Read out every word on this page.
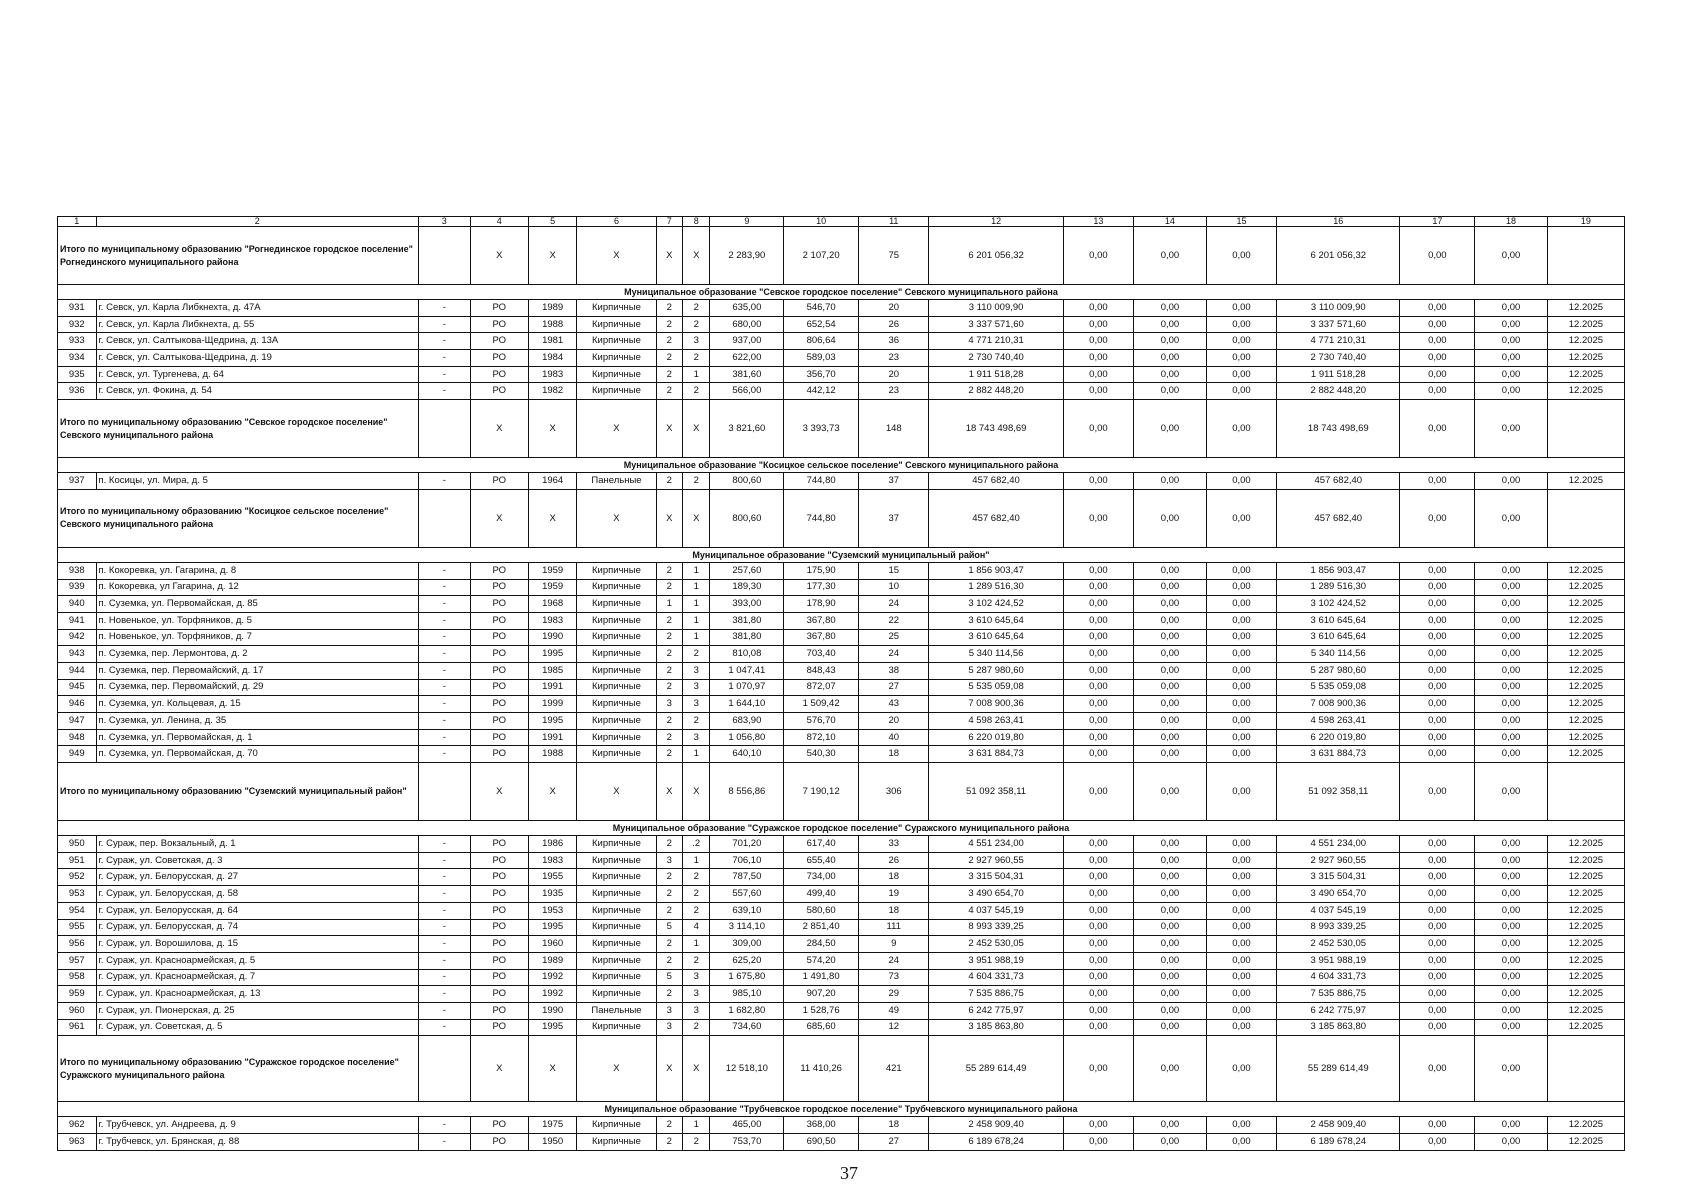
1	2	3	4	5	6	7	8	9	10	11	12	13	14	15	16	17	18	19
Итого по муниципальному образованию "Рогнединское городское поселение" Рогнединского муниципального района			X	X	X	X	X	2 283,90	2 107,20	75	6 201 056,32	0,00	0,00	0,00	6 201 056,32	0,00	0,00	
Муниципальное образование "Севское городское поселение" Севского муниципального района																		
931	г. Севск, ул. Карла Либкнехта, д. 47А	-	РО	1989	Кирпичные	2	2	635,00	546,70	20	3 110 009,90	0,00	0,00	0,00	3 110 009,90	0,00	0,00	12.2025
932	г. Севск, ул. Карла Либкнехта, д. 55	-	РО	1988	Кирпичные	2	2	680,00	652,54	26	3 337 571,60	0,00	0,00	0,00	3 337 571,60	0,00	0,00	12.2025
933	г. Севск, ул. Салтыкова-Щедрина, д. 13А	-	РО	1981	Кирпичные	2	3	937,00	806,64	36	4 771 210,31	0,00	0,00	0,00	4 771 210,31	0,00	0,00	12.2025
934	г. Севск, ул. Салтыкова-Щедрина, д. 19	-	РО	1984	Кирпичные	2	2	622,00	589,03	23	2 730 740,40	0,00	0,00	0,00	2 730 740,40	0,00	0,00	12.2025
935	г. Севск, ул. Тургенева, д. 64	-	РО	1983	Кирпичные	2	1	381,60	356,70	20	1 911 518,28	0,00	0,00	0,00	1 911 518,28	0,00	0,00	12.2025
936	г. Севск, ул. Фокина, д. 54	-	РО	1982	Кирпичные	2	2	566,00	442,12	23	2 882 448,20	0,00	0,00	0,00	2 882 448,20	0,00	0,00	12.2025
Итого по муниципальному образованию "Севское городское поселение" Севского муниципального района			X	X	X	X	X	3 821,60	3 393,73	148	18 743 498,69	0,00	0,00	0,00	18 743 498,69	0,00	0,00	
Муниципальное образование "Косицкое сельское поселение" Севского муниципального района																		
937	п. Косицы, ул. Мира, д. 5	-	РО	1964	Панельные	2	2	800,60	744,80	37	457 682,40	0,00	0,00	0,00	457 682,40	0,00	0,00	12.2025
Итого по муниципальному образованию "Косицкое сельское поселение" Севского муниципального района			X	X	X	X	X	800,60	744,80	37	457 682,40	0,00	0,00	0,00	457 682,40	0,00	0,00	
Муниципальное образование "Суземский муниципальный район"																		
938	п. Кокоревка, ул. Гагарина, д. 8	-	РО	1959	Кирпичные	2	1	257,60	175,90	15	1 856 903,47	0,00	0,00	0,00	1 856 903,47	0,00	0,00	12.2025
939	п. Кокоревка, ул Гагарина, д. 12	-	РО	1959	Кирпичные	2	1	189,30	177,30	10	1 289 516,30	0,00	0,00	0,00	1 289 516,30	0,00	0,00	12.2025
940	п. Суземка, ул. Первомайская, д. 85	-	РО	1968	Кирпичные	1	1	393,00	178,90	24	3 102 424,52	0,00	0,00	0,00	3 102 424,52	0,00	0,00	12.2025
941	п. Новенькое, ул. Торфяников, д. 5	-	РО	1983	Кирпичные	2	1	381,80	367,80	22	3 610 645,64	0,00	0,00	0,00	3 610 645,64	0,00	0,00	12.2025
942	п. Новенькое, ул. Торфяников, д. 7	-	РО	1990	Кирпичные	2	1	381,80	367,80	25	3 610 645,64	0,00	0,00	0,00	3 610 645,64	0,00	0,00	12.2025
943	п. Суземка, пер. Лермонтова, д. 2	-	РО	1995	Кирпичные	2	2	810,08	703,40	24	5 340 114,56	0,00	0,00	0,00	5 340 114,56	0,00	0,00	12.2025
944	п. Суземка, пер. Первомайский, д. 17	-	РО	1985	Кирпичные	2	3	1 047,41	848,43	38	5 287 980,60	0,00	0,00	0,00	5 287 980,60	0,00	0,00	12.2025
945	п. Суземка, пер. Первомайский, д. 29	-	РО	1991	Кирпичные	2	3	1 070,97	872,07	27	5 535 059,08	0,00	0,00	0,00	5 535 059,08	0,00	0,00	12.2025
946	п. Суземка, ул. Кольцевая, д. 15	-	РО	1999	Кирпичные	3	3	1 644,10	1 509,42	43	7 008 900,36	0,00	0,00	0,00	7 008 900,36	0,00	0,00	12.2025
947	п. Суземка, ул. Ленина, д. 35	-	РО	1995	Кирпичные	2	2	683,90	576,70	20	4 598 263,41	0,00	0,00	0,00	4 598 263,41	0,00	0,00	12.2025
948	п. Суземка, ул. Первомайская, д. 1	-	РО	1991	Кирпичные	2	3	1 056,80	872,10	40	6 220 019,80	0,00	0,00	0,00	6 220 019,80	0,00	0,00	12.2025
949	п. Суземка, ул. Первомайская, д. 70	-	РО	1988	Кирпичные	2	1	640,10	540,30	18	3 631 884,73	0,00	0,00	0,00	3 631 884,73	0,00	0,00	12.2025
Итого по муниципальному образованию "Суземский муниципальный район"			X	X	X	X	X	8 556,86	7 190,12	306	51 092 358,11	0,00	0,00	0,00	51 092 358,11	0,00	0,00	
Муниципальное образование "Суражское городское поселение" Суражского муниципального района																		
950	г. Сураж, пер. Вокзальный, д. 1	-	РО	1986	Кирпичные	2	.2	701,20	617,40	33	4 551 234,00	0,00	0,00	0,00	4 551 234,00	0,00	0,00	12.2025
951	г. Сураж, ул. Советская, д. 3	-	РО	1983	Кирпичные	3	1	706,10	655,40	26	2 927 960,55	0,00	0,00	0,00	2 927 960,55	0,00	0,00	12.2025
952	г. Сураж, ул. Белорусская, д. 27	-	РО	1955	Кирпичные	2	2	787,50	734,00	18	3 315 504,31	0,00	0,00	0,00	3 315 504,31	0,00	0,00	12.2025
953	г. Сураж, ул. Белорусская, д. 58	-	РО	1935	Кирпичные	2	2	557,60	499,40	19	3 490 654,70	0,00	0,00	0,00	3 490 654,70	0,00	0,00	12.2025
954	г. Сураж, ул. Белорусская, д. 64	-	РО	1953	Кирпичные	2	2	639,10	580,60	18	4 037 545,19	0,00	0,00	0,00	4 037 545,19	0,00	0,00	12.2025
955	г. Сураж, ул. Белорусская, д. 74	-	РО	1995	Кирпичные	5	4	3 114,10	2 851,40	111	8 993 339,25	0,00	0,00	0,00	8 993 339,25	0,00	0,00	12.2025
956	г. Сураж, ул. Ворошилова, д. 15	-	РО	1960	Кирпичные	2	1	309,00	284,50	9	2 452 530,05	0,00	0,00	0,00	2 452 530,05	0,00	0,00	12.2025
957	г. Сураж, ул. Красноармейская, д. 5	-	РО	1989	Кирпичные	2	2	625,20	574,20	24	3 951 988,19	0,00	0,00	0,00	3 951 988,19	0,00	0,00	12.2025
958	г. Сураж, ул. Красноармейская, д. 7	-	РО	1992	Кирпичные	5	3	1 675,80	1 491,80	73	4 604 331,73	0,00	0,00	0,00	4 604 331,73	0,00	0,00	12.2025
959	г. Сураж, ул. Красноармейская, д. 13	-	РО	1992	Кирпичные	2	3	985,10	907,20	29	7 535 886,75	0,00	0,00	0,00	7 535 886,75	0,00	0,00	12.2025
960	г. Сураж, ул. Пионерская, д. 25	-	РО	1990	Панельные	3	3	1 682,80	1 528,76	49	6 242 775,97	0,00	0,00	0,00	6 242 775,97	0,00	0,00	12.2025
961	г. Сураж, ул. Советская, д. 5	-	РО	1995	Кирпичные	3	2	734,60	685,60	12	3 185 863,80	0,00	0,00	0,00	3 185 863,80	0,00	0,00	12.2025
Итого по муниципальному образованию "Суражское городское поселение" Суражского муниципального района			X	X	X	X	X	12 518,10	11 410,26	421	55 289 614,49	0,00	0,00	0,00	55 289 614,49	0,00	0,00	
Муниципальное образование "Трубчевское городское поселение" Трубчевского муниципального района																		
962	г. Трубчевск, ул. Андреева, д. 9	-	РО	1975	Кирпичные	2	1	465,00	368,00	18	2 458 909,40	0,00	0,00	0,00	2 458 909,40	0,00	0,00	12.2025
963	г. Трубчевск, ул. Брянская, д. 88	-	РО	1950	Кирпичные	2	2	753,70	690,50	27	6 189 678,24	0,00	0,00	0,00	6 189 678,24	0,00	0,00	12.2025
37
